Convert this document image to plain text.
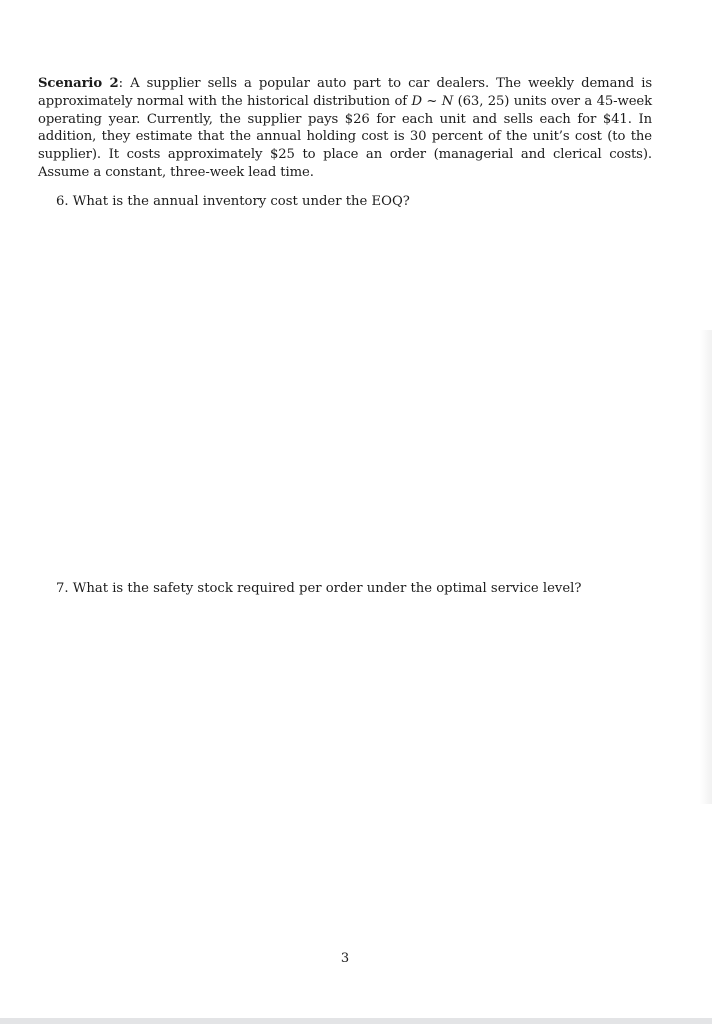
Scenario 2: A supplier sells a popular auto part to car dealers. The weekly demand is approximately normal with the historical distribution of D ~ N (63, 25) units over a 45-week operating year. Currently, the supplier pays $26 for each unit and sells each for $41. In addition, they estimate that the annual holding cost is 30 percent of the unit’s cost (to the supplier). It costs approximately $25 to place an order (managerial and clerical costs). Assume a constant, three-week lead time.

6. What is the annual inventory cost under the EOQ?
7. What is the safety stock required per order under the optimal service level?
3
